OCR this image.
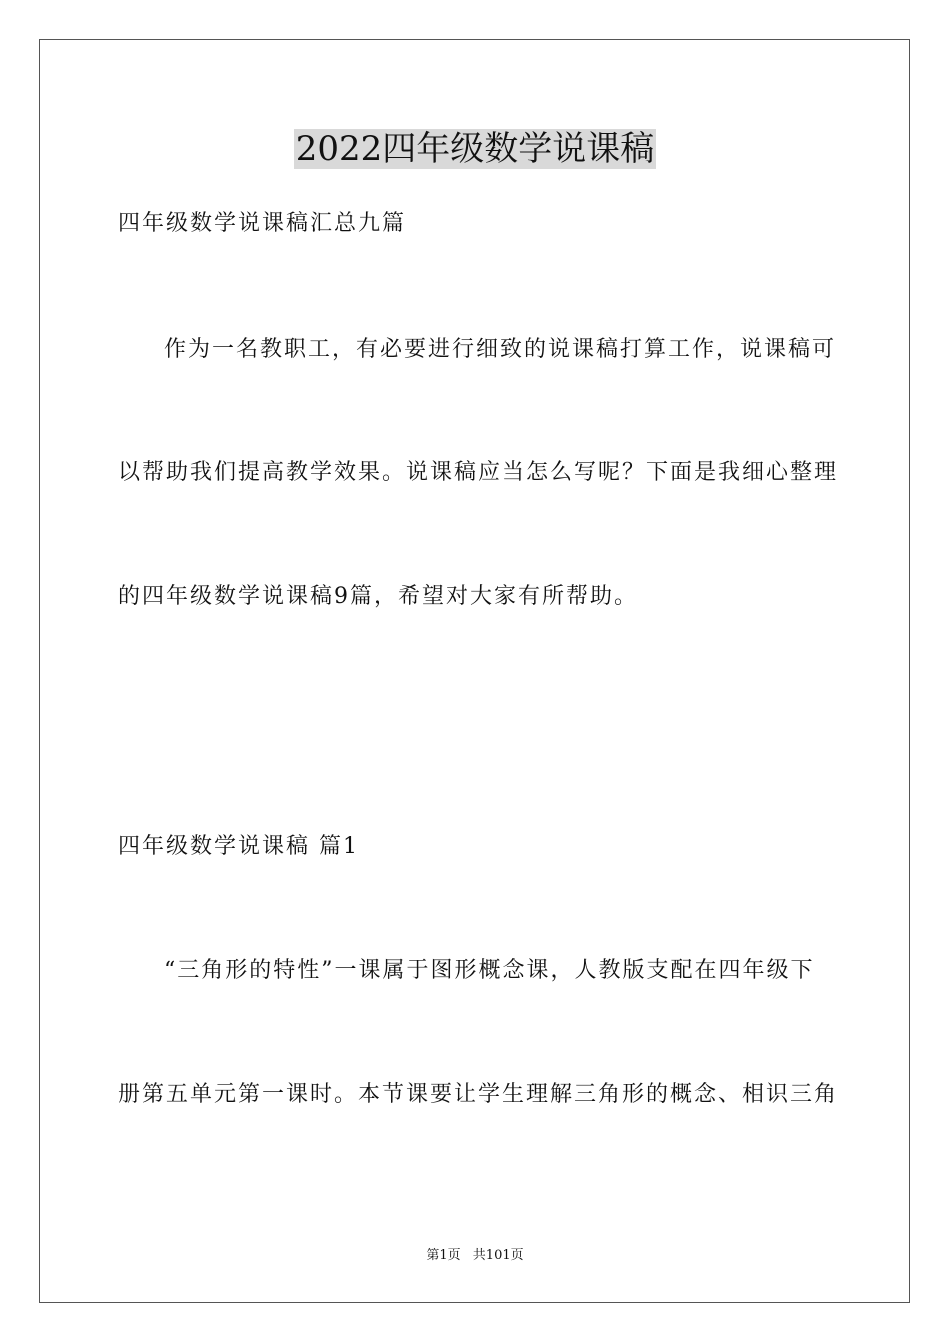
2022四年级数学说课稿
四年级数学说课稿汇总九篇
作为一名教职工，有必要进行细致的说课稿打算工作，说课稿可
以帮助我们提高教学效果。说课稿应当怎么写呢？下面是我细心整理
的四年级数学说课稿9篇，希望对大家有所帮助。
四年级数学说课稿 篇1
“三角形的特性”一课属于图形概念课，人教版支配在四年级下
册第五单元第一课时。本节课要让学生理解三角形的概念、相识三角
第1页 共101页
